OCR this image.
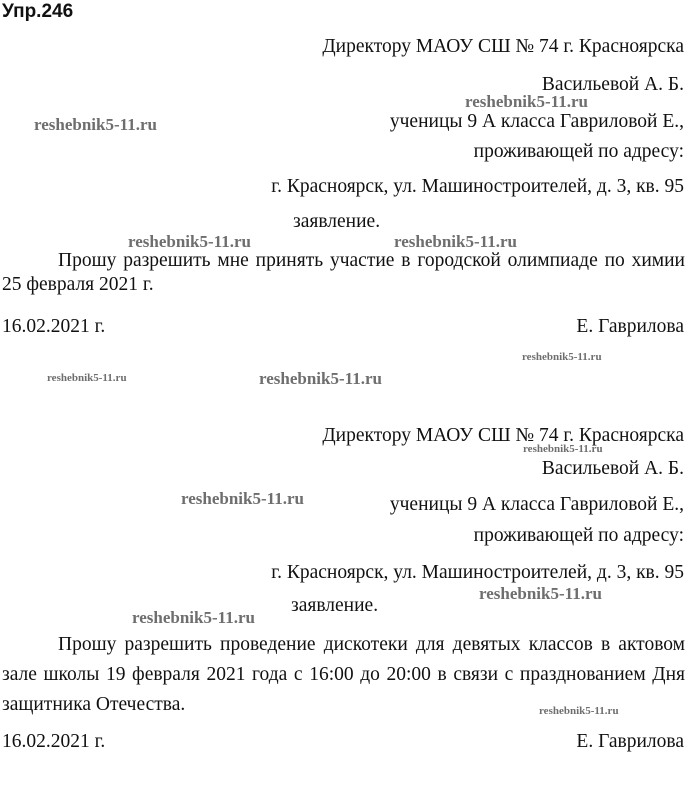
Упр.246
Директору МАОУ СШ № 74 г. Красноярска
Васильевой А. Б.
ученицы 9 А класса Гавриловой Е.,
проживающей по адресу:
г. Красноярск, ул. Машиностроителей, д. 3, кв. 95
заявление.
Прошу разрешить мне принять участие в городской олимпиаде по химии 25 февраля 2021 г.
16.02.2021 г.	Е. Гаврилова
Директору МАОУ СШ № 74 г. Красноярска
Васильевой А. Б.
ученицы 9 А класса Гавриловой Е.,
проживающей по адресу:
г. Красноярск, ул. Машиностроителей, д. 3, кв. 95
заявление.
Прошу разрешить проведение дискотеки для девятых классов в актовом зале школы 19 февраля 2021 года с 16:00 до 20:00 в связи с празднованием Дня защитника Отечества.
16.02.2021 г.	Е. Гаврилова
reshebnik5-11.ru
reshebnik5-11.ru
reshebnik5-11.ru	reshebnik5-11.ru
reshebnik5-11.ru
reshebnik5-11.ru	reshebnik5-11.ru
reshebnik5-11.ru
reshebnik5-11.ru
reshebnik5-11.ru
reshebnik5-11.ru
reshebnik5-11.ru
